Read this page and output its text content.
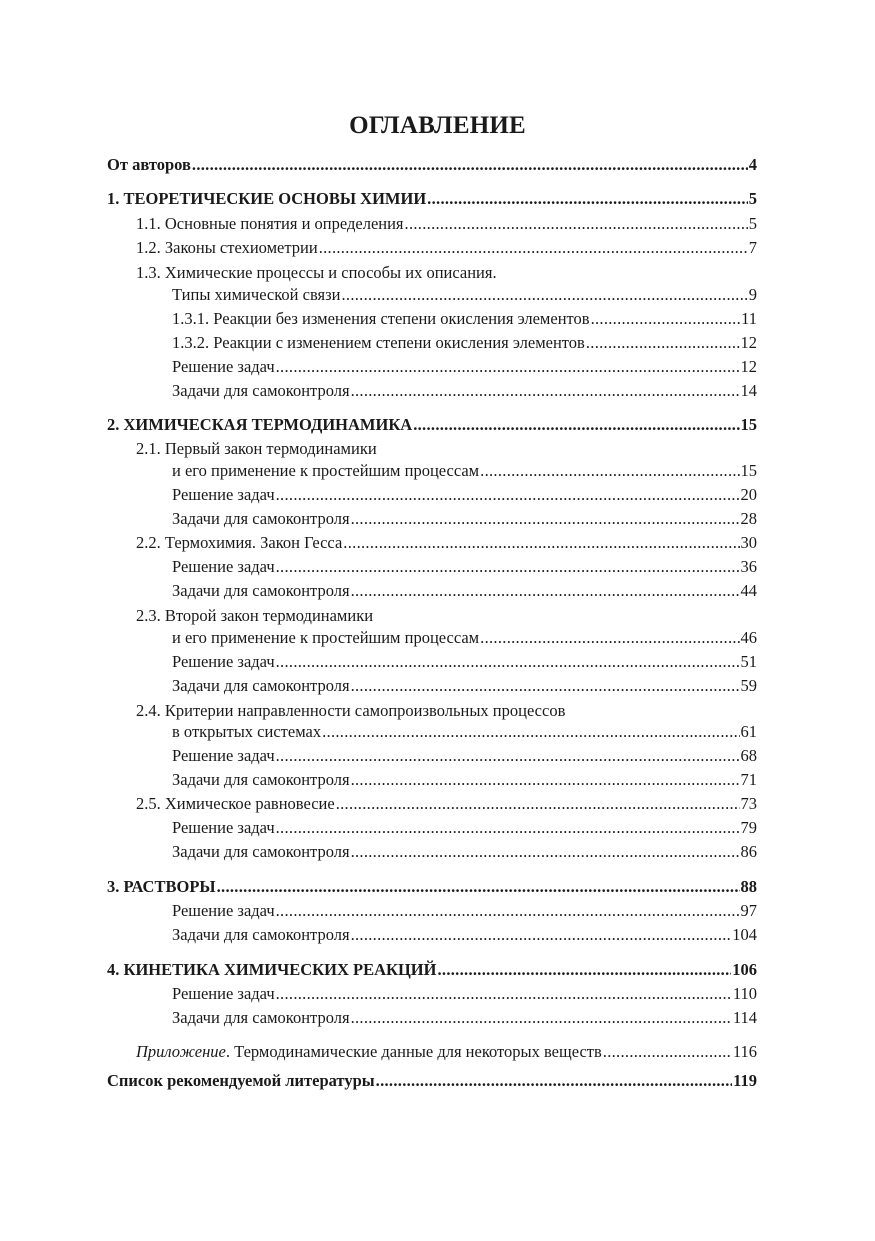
ОГЛАВЛЕНИЕ
От авторов .....	4
1. ТЕОРЕТИЧЕСКИЕ ОСНОВЫ ХИМИИ .....	5
1.1. Основные понятия и определения .....	5
1.2. Законы стехиометрии .....	7
1.3. Химические процессы и способы их описания.
Типы химической связи .....	9
1.3.1. Реакции без изменения степени окисления элементов .....	11
1.3.2. Реакции с изменением степени окисления элементов .....	12
Решение задач .....	12
Задачи для самоконтроля .....	14
2. ХИМИЧЕСКАЯ ТЕРМОДИНАМИКА .....	15
2.1. Первый закон термодинамики
и его применение к простейшим процессам .....	15
Решение задач .....	20
Задачи для самоконтроля .....	28
2.2. Термохимия. Закон Гесса .....	30
Решение задач .....	36
Задачи для самоконтроля .....	44
2.3. Второй закон термодинамики
и его применение к простейшим процессам .....	46
Решение задач .....	51
Задачи для самоконтроля .....	59
2.4. Критерии направленности самопроизвольных процессов
в открытых системах .....	61
Решение задач .....	68
Задачи для самоконтроля .....	71
2.5. Химическое равновесие .....	73
Решение задач .....	79
Задачи для самоконтроля .....	86
3. РАСТВОРЫ .....	88
Решение задач .....	97
Задачи для самоконтроля .....	104
4. КИНЕТИКА ХИМИЧЕСКИХ РЕАКЦИЙ .....	106
Решение задач .....	110
Задачи для самоконтроля .....	114
Приложение. Термодинамические данные для некоторых веществ .....	116
Список рекомендуемой литературы .....	119
